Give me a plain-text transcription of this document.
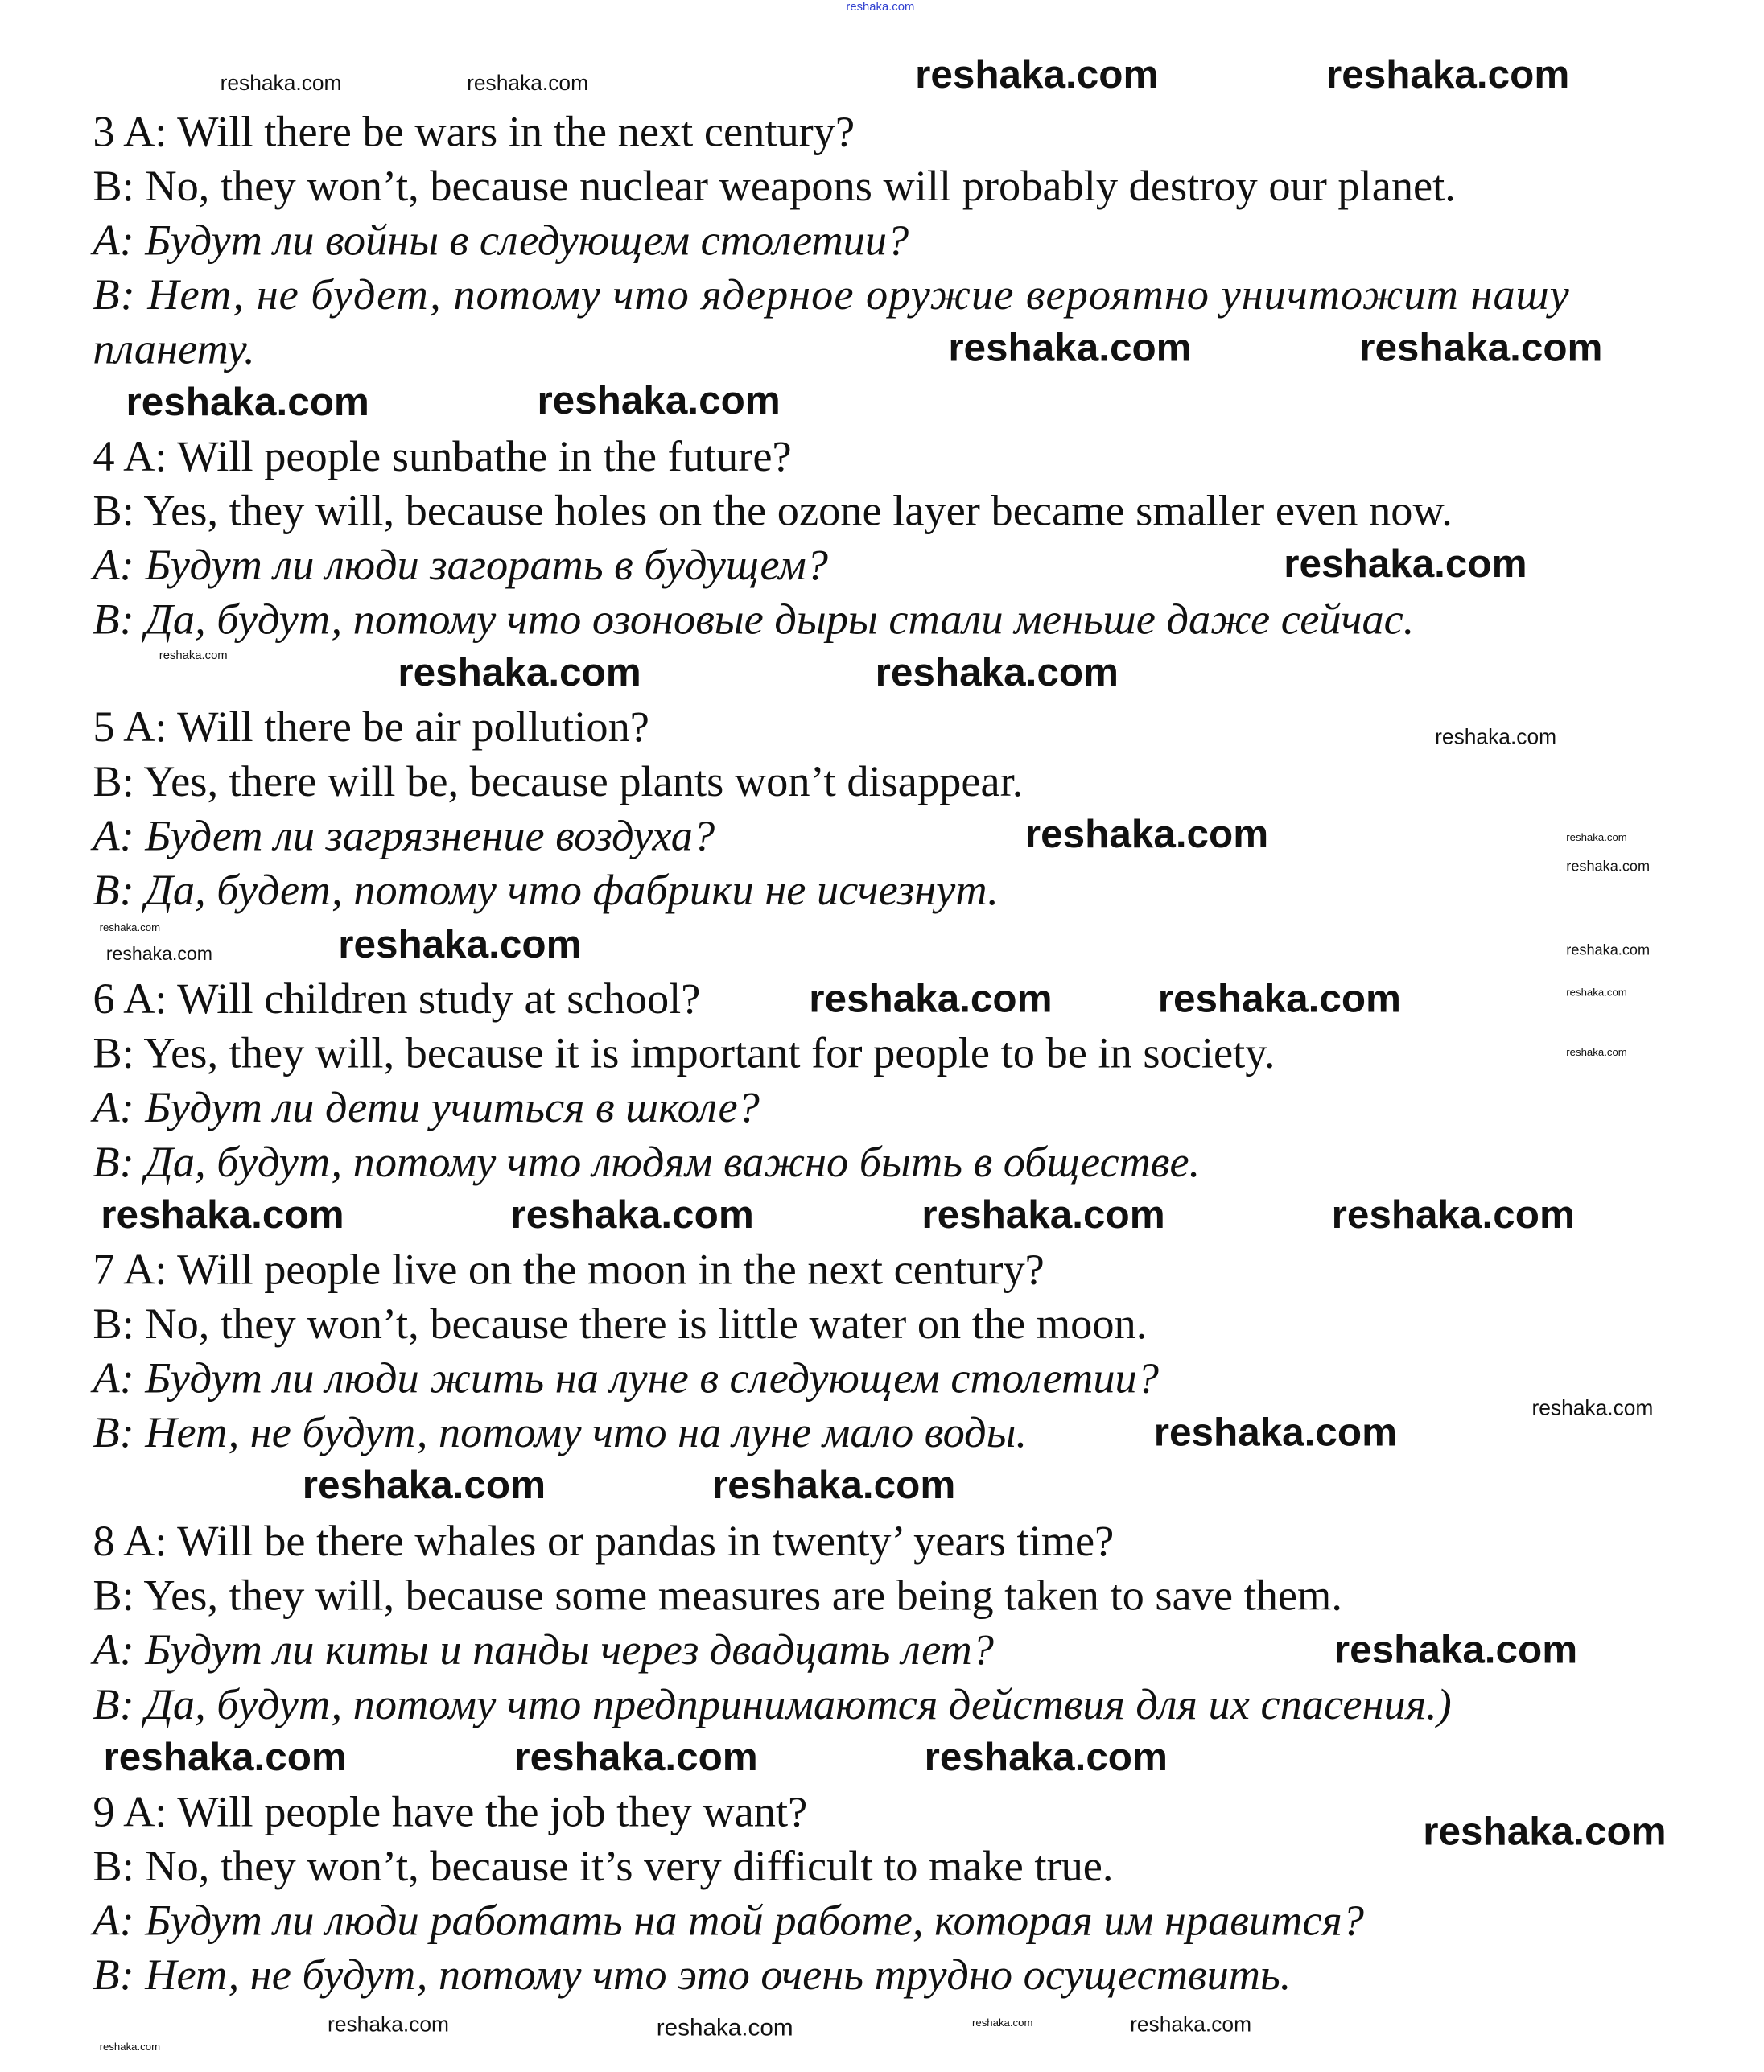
reshaka.com
3 A: Will there be wars in the next century?
B: No, they won’t, because nuclear weapons will probably destroy our planet.
A: Будут ли войны в следующем столетии?
B: Нет, не будет, потому что ядерное оружие вероятно уничтожит нашу
планету.
4 A: Will people sunbathe in the future?
B: Yes, they will, because holes on the ozone layer became smaller even now.
A: Будут ли люди загорать в будущем?
B: Да, будут, потому что озоновые дыры стали меньше даже сейчас.
5 A: Will there be air pollution?
B: Yes, there will be, because plants won’t disappear.
A: Будет ли загрязнение воздуха?
B: Да, будет, потому что фабрики не исчезнут.
6 A: Will children study at school?
B: Yes, they will, because it is important for people to be in society.
A: Будут ли дети учиться в школе?
B: Да, будут, потому что людям важно быть в обществе.
7 A: Will people live on the moon in the next century?
B: No, they won’t, because there is little water on the moon.
A: Будут ли люди жить на луне в следующем столетии?
B: Нет, не будут, потому что на луне мало воды.
8 A: Will be there whales or pandas in twenty’ years time?
B: Yes, they will, because some measures are being taken to save them.
A: Будут ли киты и панды через двадцать лет?
B: Да, будут, потому что предпринимаются действия для их спасения.)
9 A: Will people have the job they want?
B: No, they won’t, because it’s very difficult to make true.
A: Будут ли люди работать на той работе, которая им нравится?
B: Нет, не будут, потому что это очень трудно осуществить.
reshaka.com	reshaka.com
reshaka.com	reshaka.com
reshaka.com
reshaka.com
reshaka.com
reshaka.com
reshaka.com
reshaka.com
reshaka.com
reshaka.com	reshaka.com
reshaka.com	reshaka.com	reshaka.com	reshaka.com
reshaka.com
reshaka.com
reshaka.com
reshaka.com
reshaka.com	reshaka.com	reshaka.com
reshaka.com
reshaka.com
reshaka.com
reshaka.com
reshaka.com
reshaka.com
reshaka.com	reshaka.com	reshaka.com
reshaka.com
reshaka.com
reshaka.com
reshaka.com
reshaka.com
reshaka.com
reshaka.com
reshaka.com
reshaka.com
